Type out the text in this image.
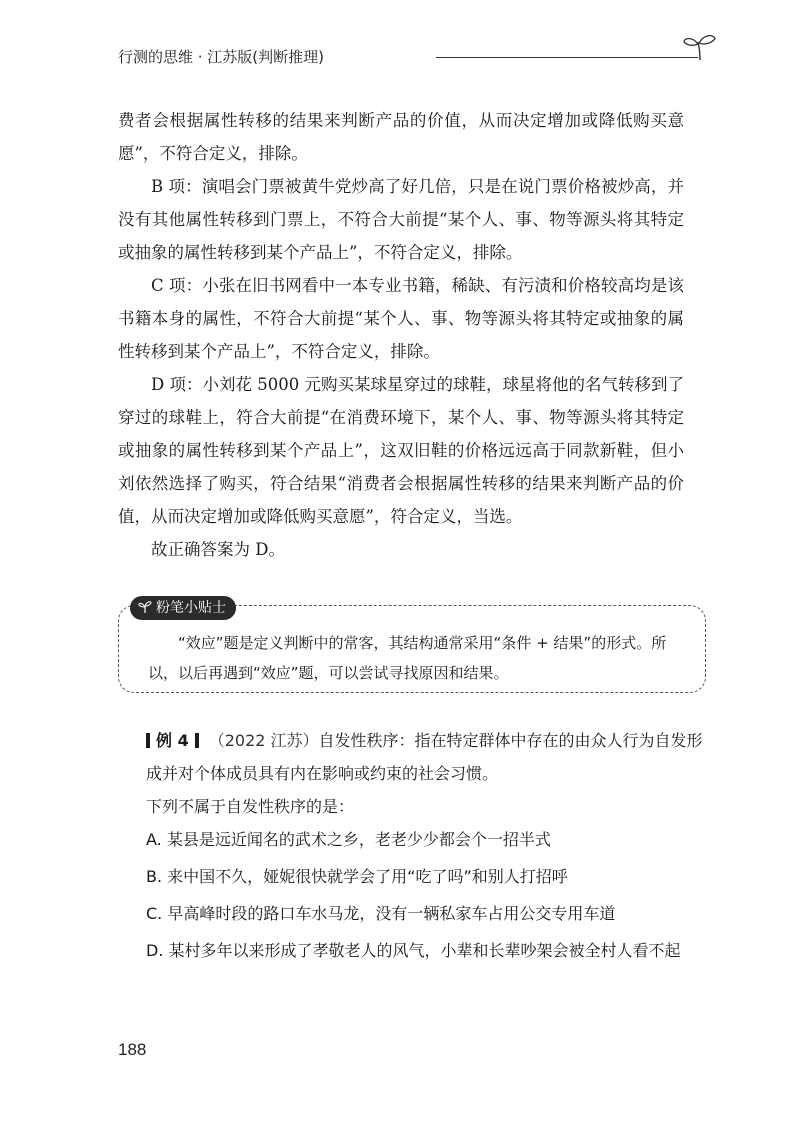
行测的思维 · 江苏版(判断推理)

费者会根据属性转移的结果来判断产品的价值，从而决定增加或降低购买意愿”，不符合定义，排除。

B 项：演唱会门票被黄牛党炒高了好几倍，只是在说门票价格被炒高，并没有其他属性转移到门票上，不符合大前提“某个人、事、物等源头将其特定或抽象的属性转移到某个产品上”，不符合定义，排除。

C 项：小张在旧书网看中一本专业书籍，稀缺、有污渍和价格较高均是该书籍本身的属性，不符合大前提“某个人、事、物等源头将其特定或抽象的属性转移到某个产品上”，不符合定义，排除。

D 项：小刘花 5000 元购买某球星穿过的球鞋，球星将他的名气转移到了穿过的球鞋上，符合大前提“在消费环境下，某个人、事、物等源头将其特定或抽象的属性转移到某个产品上”，这双旧鞋的价格远远高于同款新鞋，但小刘依然选择了购买，符合结果“消费者会根据属性转移的结果来判断产品的价值，从而决定增加或降低购买意愿”，符合定义，当选。

故正确答案为 D。

粉笔小贴士

“效应”题是定义判断中的常客，其结构通常采用“条件 + 结果”的形式。所以，以后再遇到“效应”题，可以尝试寻找原因和结果。

例 4 （2022 江苏）自发性秩序：指在特定群体中存在的由众人行为自发形成并对个体成员具有内在影响或约束的社会习惯。

下列不属于自发性秩序的是：

A. 某县是远近闻名的武术之乡，老老少少都会个一招半式

B. 来中国不久，娅妮很快就学会了用“吃了吗”和别人打招呼

C. 早高峰时段的路口车水马龙，没有一辆私家车占用公交专用车道

D. 某村多年以来形成了孝敬老人的风气，小辈和长辈吵架会被全村人看不起

188
